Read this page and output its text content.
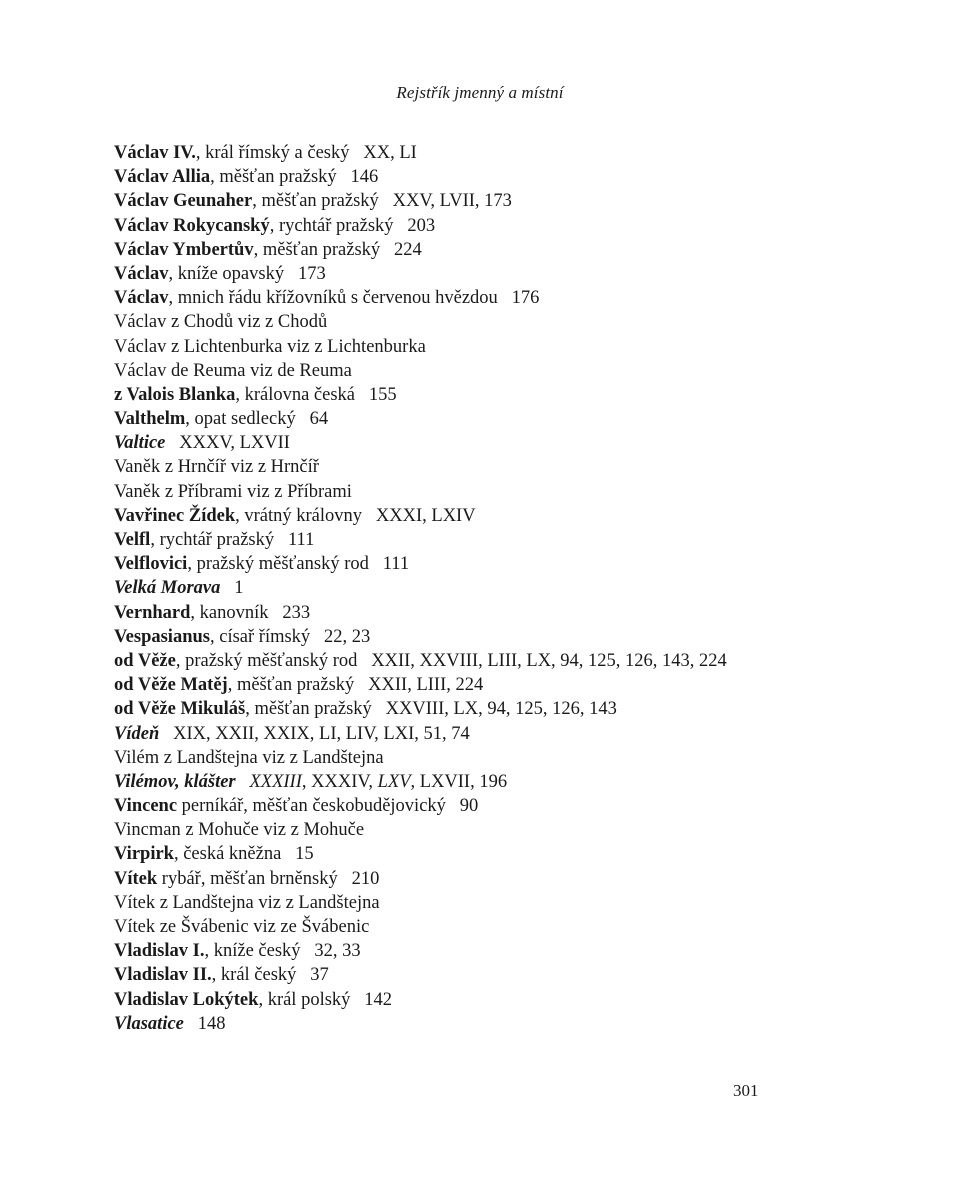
Rejstřík jmenný a místní
Václav IV., král římský a český   XX, LI
Václav Allia, měšťan pražský   146
Václav Geunaher, měšťan pražský   XXV, LVII, 173
Václav Rokycanský, rychtář pražský   203
Václav Ymbertův, měšťan pražský   224
Václav, kníže opavský   173
Václav, mnich řádu křížovníků s červenou hvězdou   176
Václav z Chodů viz z Chodů
Václav z Lichtenburka viz z Lichtenburka
Václav de Reuma viz de Reuma
z Valois Blanka, královna česká   155
Valthelm, opat sedlecký   64
Valtice   XXXV, LXVII
Vaněk z Hrnčíř viz z Hrnčíř
Vaněk z Příbrami viz z Příbrami
Vavřinec Žídek, vrátný královny   XXXI, LXIV
Velfl, rychtář pražský   111
Velflovici, pražský měšťanský rod   111
Velká Morava   1
Vernhard, kanovník   233
Vespasianus, císař římský   22, 23
od Věže, pražský měšťanský rod   XXII, XXVIII, LIII, LX, 94, 125, 126, 143, 224
od Věže Matěj, měšťan pražský   XXII, LIII, 224
od Věže Mikuláš, měšťan pražský   XXVIII, LX, 94, 125, 126, 143
Vídeň   XIX, XXII, XXIX, LI, LIV, LXI, 51, 74
Vilém z Landštejna viz z Landštejna
Vilémov, klášter XXXIII, XXXIV, LXV, LXVII, 196
Vincenc perníkář, měšťan českobudějovický   90
Vincman z Mohuče viz z Mohuče
Virpirk, česká kněžna   15
Vítek rybář, měšťan brněnský   210
Vítek z Landštejna viz z Landštejna
Vítek ze Švábenic viz ze Švábenic
Vladislav I., kníže český   32, 33
Vladislav II., král český   37
Vladislav Lokýtek, král polský   142
Vlasatice   148
301
